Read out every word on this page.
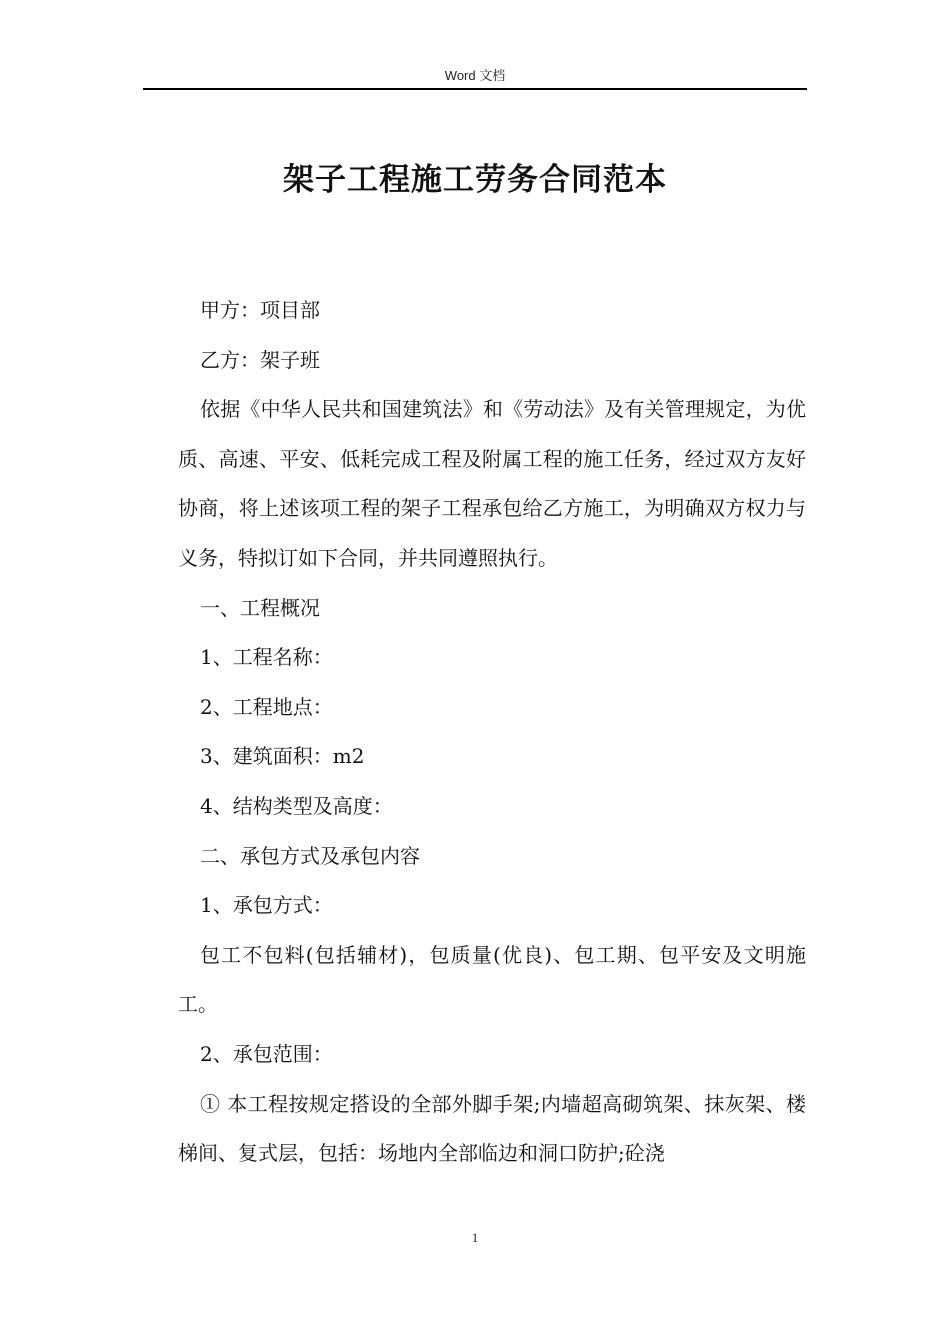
Word 文档
架子工程施工劳务合同范本

甲方：项目部

乙方：架子班

依据《中华人民共和国建筑法》和《劳动法》及有关管理规定，为优质、高速、平安、低耗完成工程及附属工程的施工任务，经过双方友好协商，将上述该项工程的架子工程承包给乙方施工，为明确双方权力与义务，特拟订如下合同，并共同遵照执行。

一、工程概况

1、工程名称：

2、工程地点：

3、建筑面积：m2

4、结构类型及高度：

二、承包方式及承包内容

1、承包方式：

包工不包料(包括辅材)，包质量(优良)、包工期、包平安及文明施工。

2、承包范围：

① 本工程按规定搭设的全部外脚手架;内墙超高砌筑架、抹灰架、楼梯间、复式层，包括：场地内全部临边和洞口防护;砼浇

1
